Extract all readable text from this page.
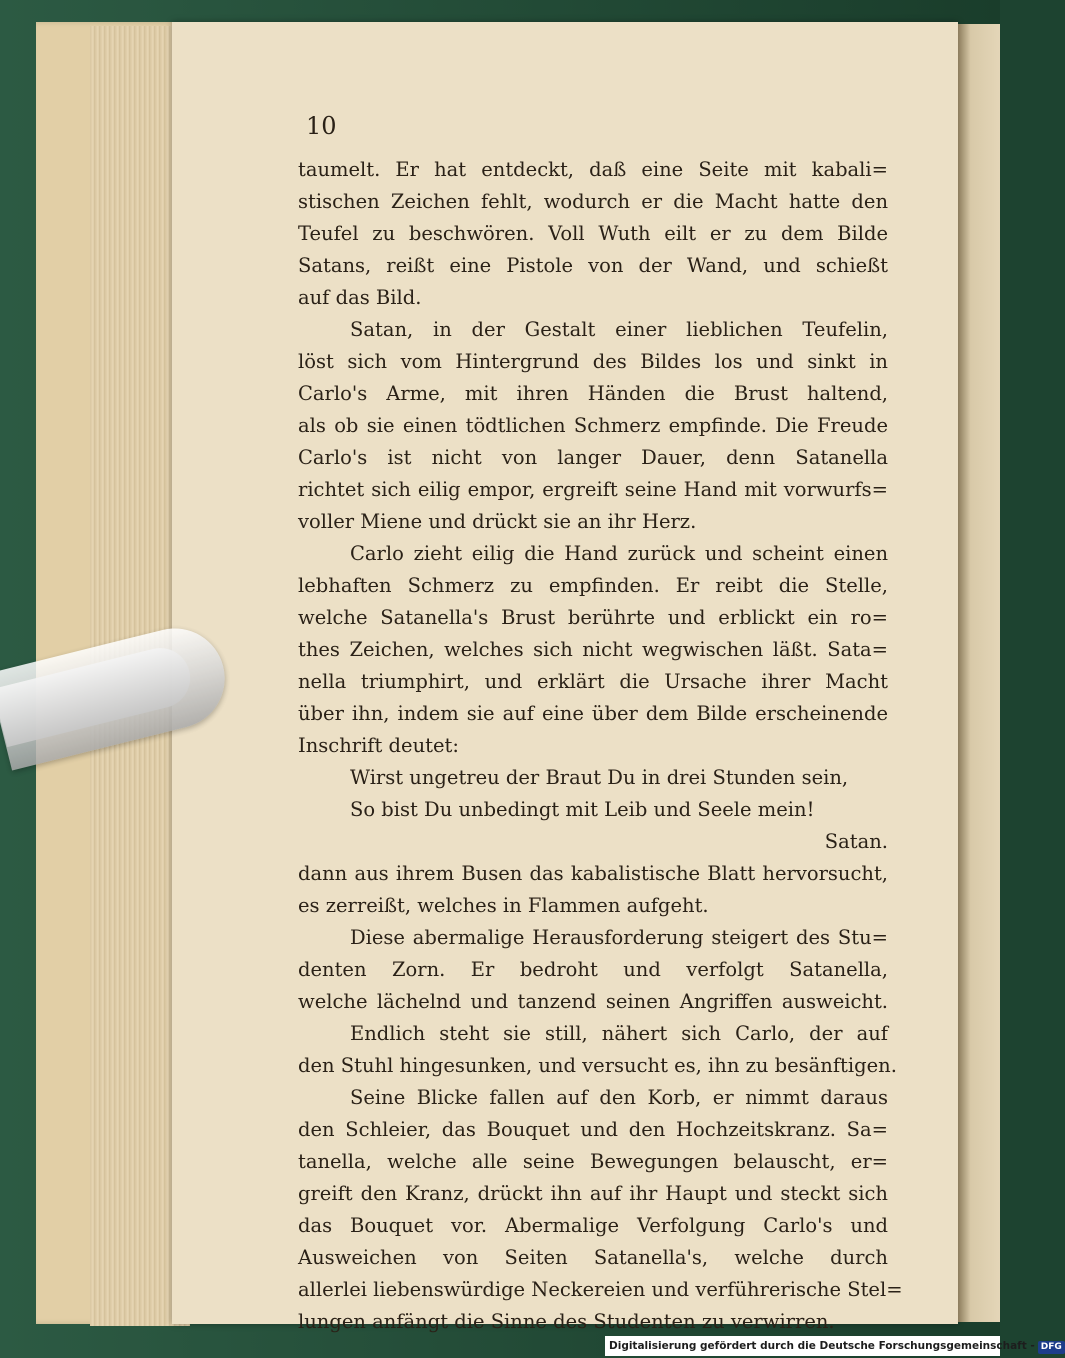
10
taumelt. Er hat entdeckt, daß eine Seite mit kabali=
stischen Zeichen fehlt, wodurch er die Macht hatte den
Teufel zu beschwören. Voll Wuth eilt er zu dem Bilde
Satans, reißt eine Pistole von der Wand, und schießt
auf das Bild.
Satan, in der Gestalt einer lieblichen Teufelin,
löst sich vom Hintergrund des Bildes los und sinkt in
Carlo's Arme, mit ihren Händen die Brust haltend,
als ob sie einen tödtlichen Schmerz empfinde. Die Freude
Carlo's ist nicht von langer Dauer, denn Satanella
richtet sich eilig empor, ergreift seine Hand mit vorwurfs=
voller Miene und drückt sie an ihr Herz.
Carlo zieht eilig die Hand zurück und scheint einen
lebhaften Schmerz zu empfinden. Er reibt die Stelle,
welche Satanella's Brust berührte und erblickt ein ro=
thes Zeichen, welches sich nicht wegwischen läßt. Sata=
nella triumphirt, und erklärt die Ursache ihrer Macht
über ihn, indem sie auf eine über dem Bilde erscheinende
Inschrift deutet:
Wirst ungetreu der Braut Du in drei Stunden sein,
So bist Du unbedingt mit Leib und Seele mein!
Satan.
dann aus ihrem Busen das kabalistische Blatt hervorsucht,
es zerreißt, welches in Flammen aufgeht.
Diese abermalige Herausforderung steigert des Stu=
denten Zorn. Er bedroht und verfolgt Satanella,
welche lächelnd und tanzend seinen Angriffen ausweicht.
Endlich steht sie still, nähert sich Carlo, der auf
den Stuhl hingesunken, und versucht es, ihn zu besänftigen.
Seine Blicke fallen auf den Korb, er nimmt daraus
den Schleier, das Bouquet und den Hochzeitskranz. Sa=
tanella, welche alle seine Bewegungen belauscht, er=
greift den Kranz, drückt ihn auf ihr Haupt und steckt sich
das Bouquet vor. Abermalige Verfolgung Carlo's und
Ausweichen von Seiten Satanella's, welche durch
allerlei liebenswürdige Neckereien und verführerische Stel=
lungen anfängt die Sinne des Studenten zu verwirren.
Digitalisierung gefördert durch die Deutsche Forschungsgemeinschaft - DFG
